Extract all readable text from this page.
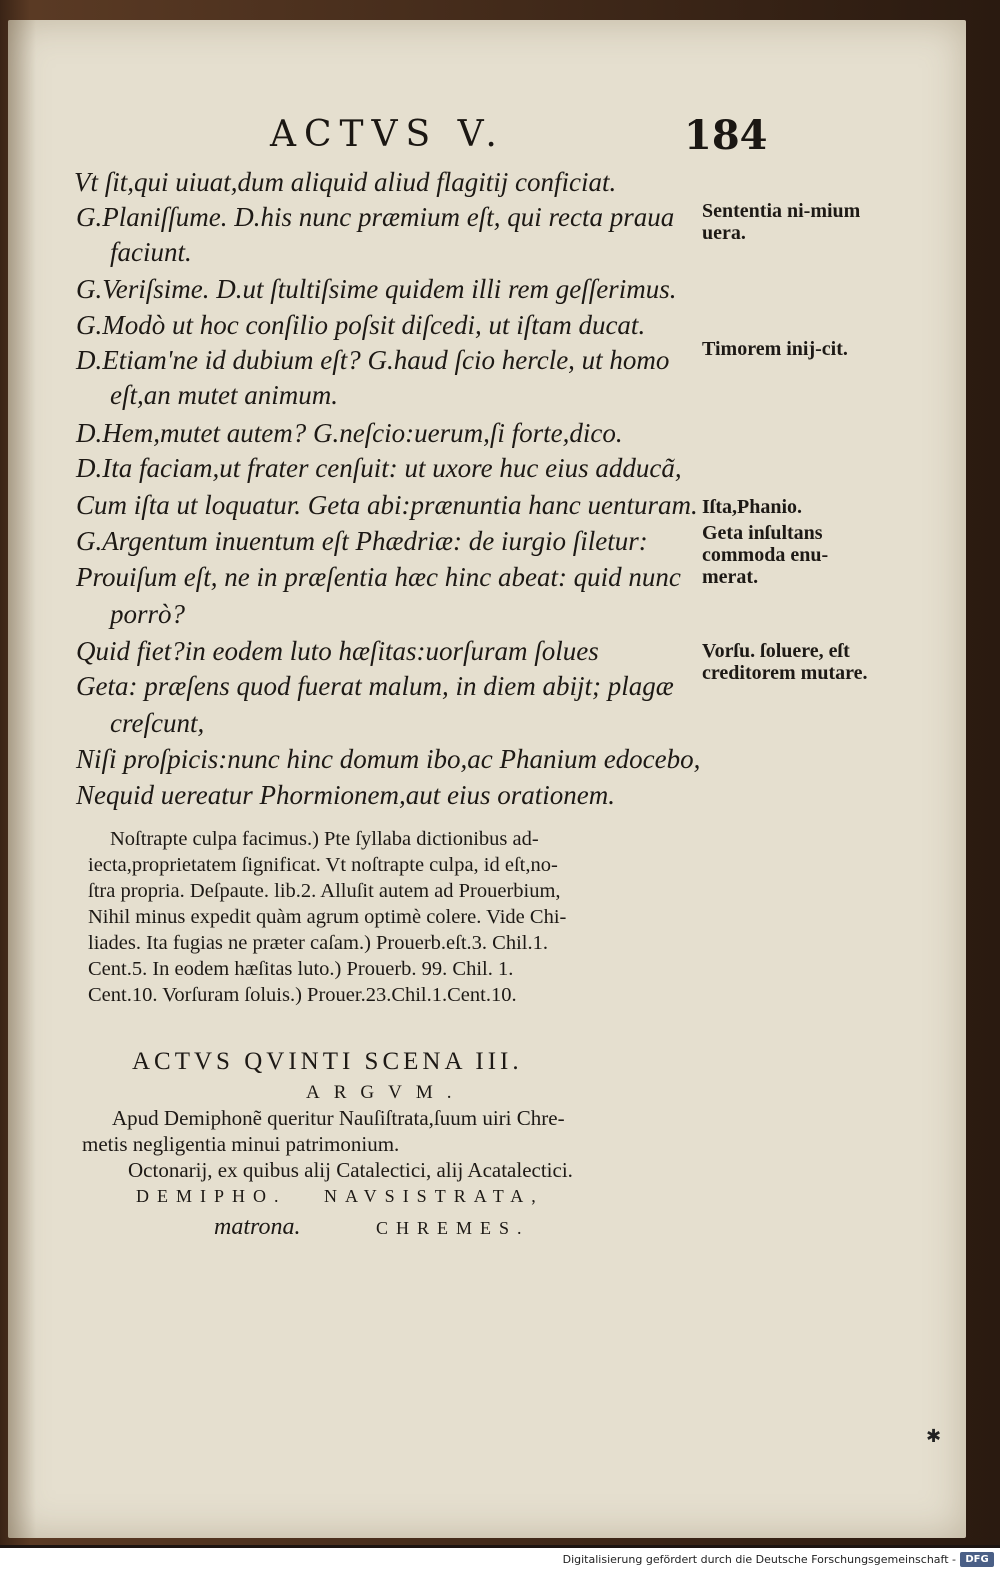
ACTVS V.	184
Vt ſit,qui uiuat,dum aliquid aliud flagitij conficiat.
G.Planiſſume. D.his nunc præmium eſt, qui recta praua
faciunt.
G.Veriſsime. D.ut ſtultiſsime quidem illi rem geſſerimus.
G.Modò ut hoc conſilio poſsit diſcedi, ut iſtam ducat.
D.Etiam'ne id dubium eſt? G.haud ſcio hercle, ut homo
eſt,an mutet animum.
D.Hem,mutet autem? G.neſcio:uerum,ſi forte,dico.
D.Ita faciam,ut frater cenſuit: ut uxore huc eius adducã,
Cum iſta ut loquatur. Geta abi:prænuntia hanc uenturam.
G.Argentum inuentum eſt Phædriæ: de iurgio ſiletur:
Prouiſum eſt, ne in præſentia hæc hinc abeat: quid nunc
porrò?
Quid fiet?in eodem luto hæſitas:uorſuram ſolues
Geta: præſens quod fuerat malum, in diem abijt; plagæ
creſcunt,
Niſi proſpicis:nunc hinc domum ibo,ac Phanium edocebo,
Nequid uereatur Phormionem,aut eius orationem.
Sententia ni-mium uera.
Timorem inij-cit.
Iſta,Phanio.
Geta inſultans commoda enu-merat.
Vorſu. ſoluere, eſt creditorem mutare.
Noſtrapte culpa facimus.) Pte ſyllaba dictionibus ad-
iecta,proprietatem ſignificat. Vt noſtrapte culpa, id eſt,no-
ſtra propria. Deſpaute. lib.2. Alluſit autem ad Prouerbium,
Nihil minus expedit quàm agrum optimè colere. Vide Chi-
liades. Ita fugias ne præter caſam.) Prouerb.eſt.3. Chil.1.
Cent.5. In eodem hæſitas luto.) Prouerb. 99. Chil. 1.
Cent.10. Vorſuram ſoluis.) Prouer.23.Chil.1.Cent.10.
ACTVS QVINTI SCENA III.
ARGVM.
Apud Demiphonẽ queritur Nauſiſtrata,ſuum uiri Chre-
metis negligentia minui patrimonium.
Octonarij, ex quibus alij Catalectici, alij Acatalectici.
DEMIPHO.   NAVSISTRATA,
matrona.	CHREMES.
✱
Digitalisierung gefördert durch die Deutsche Forschungsgemeinschaft - DFG
